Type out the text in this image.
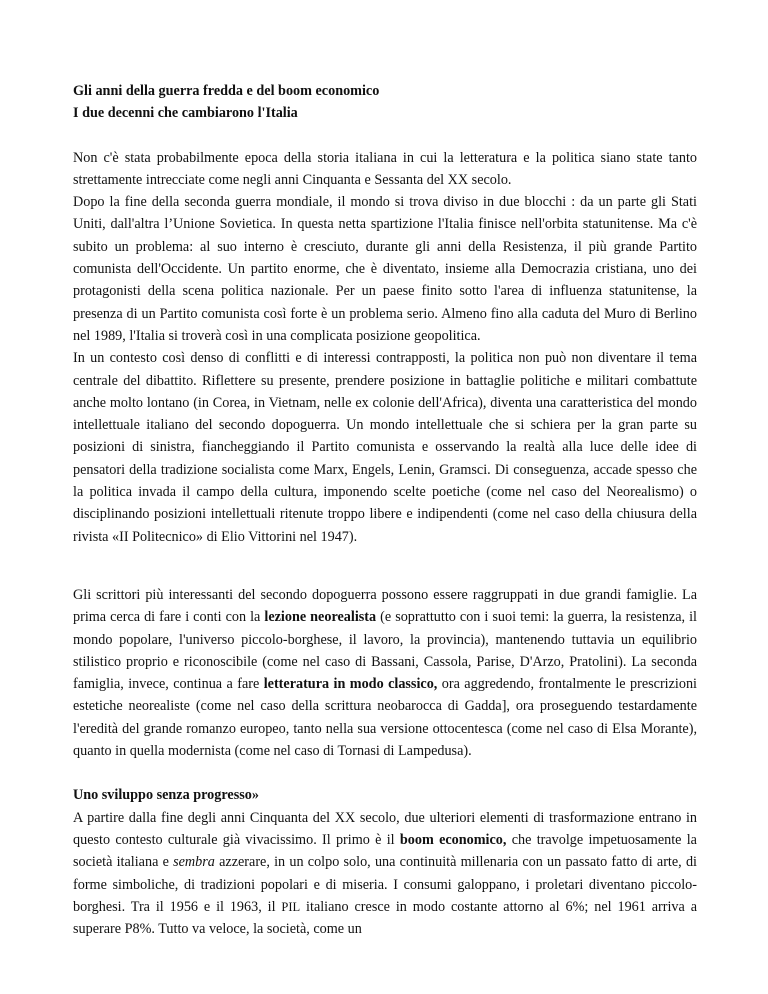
Gli anni della guerra fredda e del boom economico

I due decenni che cambiarono l'Italia

Non c'è stata probabilmente epoca della storia italiana in cui la letteratura e la politica siano state tanto strettamente intrecciate come negli anni Cinquanta e Sessanta del XX secolo.

Dopo la fine della seconda guerra mondiale, il mondo si trova diviso in due blocchi : da un parte gli Stati Uniti, dall'altra l’Unione Sovietica. In questa netta spartizione l'Italia finisce nell'orbita statunitense. Ma c'è subito un problema: al suo interno è cresciuto, durante gli anni della Resistenza, il più grande Partito comunista dell'Occidente. Un partito enorme, che è diventato, insieme alla Democrazia cristiana, uno dei protagonisti della scena politica nazionale. Per un paese finito sotto l'area di influenza statunitense, la presenza di un Partito comunista così forte è un problema serio. Almeno fino alla caduta del Muro di Berlino nel 1989, l'Italia si troverà così in una complicata posizione geopolitica.

In un contesto così denso di conflitti e di interessi contrapposti, la politica non può non diventare il tema centrale del dibattito. Riflettere su presente, prendere posizione in battaglie politiche e militari combattute anche molto lontano (in Corea, in Vietnam, nelle ex colonie dell'Africa), diventa una caratteristica del mondo intellettuale italiano del secondo dopoguerra. Un mondo intellettuale che si schiera per la gran parte su posizioni di sinistra, fiancheggiando il Partito comunista e osservando la realtà alla luce delle idee di pensatori della tradizione socialista come Marx, Engels, Lenin, Gramsci. Di conseguenza, accade spesso che la politica invada il campo della cultura, imponendo scelte poetiche (come nel caso del Neorealismo) o disciplinando posizioni intellettuali ritenute troppo libere e indipendenti (come nel caso della chiusura della rivista «II Politecnico» di Elio Vittorini nel 1947).

Gli scrittori più interessanti del secondo dopoguerra possono essere raggruppati in due grandi famiglie. La prima cerca di fare i conti con la lezione neorealista (e soprattutto con i suoi temi: la guerra, la resistenza, il mondo popolare, l'universo piccolo-borghese, il lavoro, la provincia), mantenendo tuttavia un equilibrio stilistico proprio e riconoscibile (come nel caso di Bassani, Cassola, Parise, D'Arzo, Pratolini). La seconda famiglia, invece, continua a fare letteratura in modo classico, ora aggredendo, frontalmente le prescrizioni estetiche neorealiste (come nel caso della scrittura neobarocca di Gadda], ora proseguendo testardamente l'eredità del grande romanzo europeo, tanto nella sua versione ottocentesca (come nel caso di Elsa Morante), quanto in quella modernista (come nel caso di Tornasi di Lampedusa).

Uno sviluppo senza progresso»

A partire dalla fine degli anni Cinquanta del XX secolo, due ulteriori elementi di trasformazione entrano in questo contesto culturale già vivacissimo. Il primo è il boom economico, che travolge impetuosamente la società italiana e sembra azzerare, in un colpo solo, una continuità millenaria con un passato fatto di arte, di forme simboliche, di tradizioni popolari e di miseria. I consumi galoppano, i proletari diventano piccolo-borghesi. Tra il 1956 e il 1963, il PIL italiano cresce in modo costante attorno al 6%; nel 1961 arriva a superare P8%. Tutto va veloce, la società, come un
